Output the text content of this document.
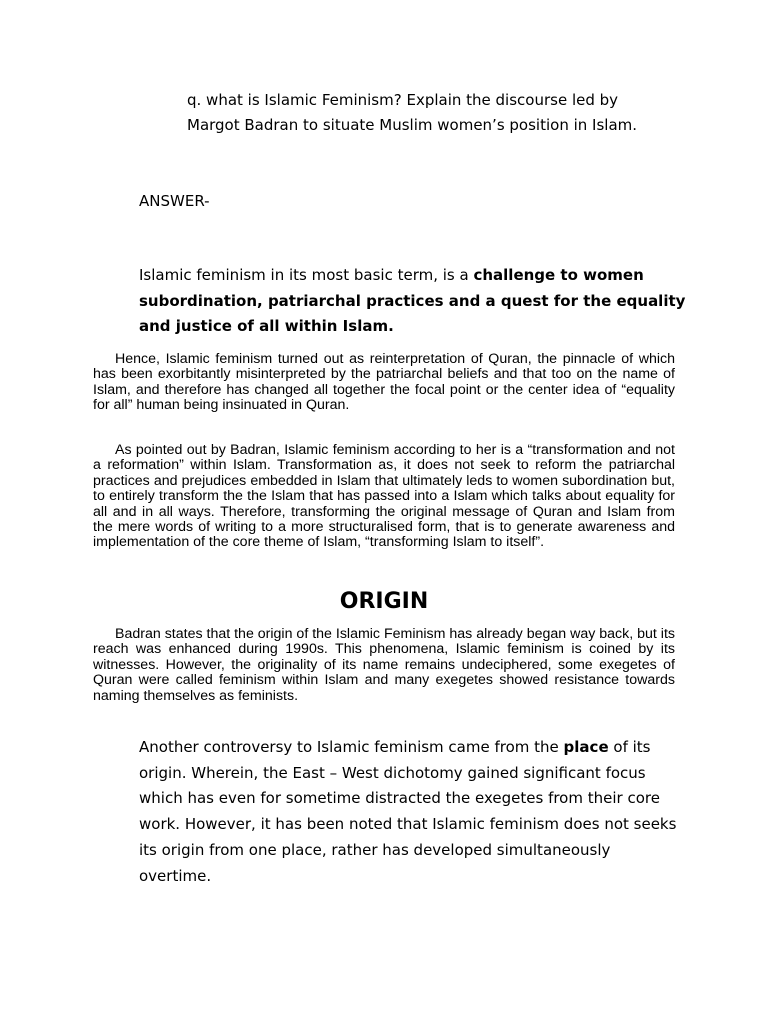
q. what is Islamic Feminism? Explain the discourse led by
Margot Badran to situate Muslim women’s position in Islam.
ANSWER-
Islamic feminism in its most basic term, is a challenge to women subordination, patriarchal practices and a quest for the equality and justice of all within Islam.
Hence, Islamic feminism turned out as reinterpretation of Quran, the pinnacle of which has been exorbitantly misinterpreted by the patriarchal beliefs and that too on the name of Islam, and therefore has changed all together the focal point or the center idea of “equality for all” human being insinuated in Quran.
As pointed out by Badran, Islamic feminism according to her is a “transformation and not a reformation” within Islam. Transformation as, it does not seek to reform the patriarchal practices and prejudices embedded in Islam that ultimately leds to women subordination but, to entirely transform the the Islam that has passed into a Islam which talks about equality for all and in all ways. Therefore, transforming the original message of Quran and Islam from the mere words of writing to a more structuralised form, that is to generate awareness and implementation of the core theme of Islam, “transforming Islam to itself”.
ORIGIN
Badran states that the origin of the Islamic Feminism has already began way back, but its reach was enhanced during 1990s. This phenomena, Islamic feminism is coined by its witnesses. However, the originality of its name remains undeciphered, some exegetes of Quran were called feminism within Islam and many exegetes showed resistance towards naming themselves as feminists.
Another controversy to Islamic feminism came from the place of its origin. Wherein, the East – West dichotomy gained significant focus which has even for sometime distracted the exegetes from their core work. However, it has been noted that Islamic feminism does not seeks its origin from one place, rather has developed simultaneously overtime.
